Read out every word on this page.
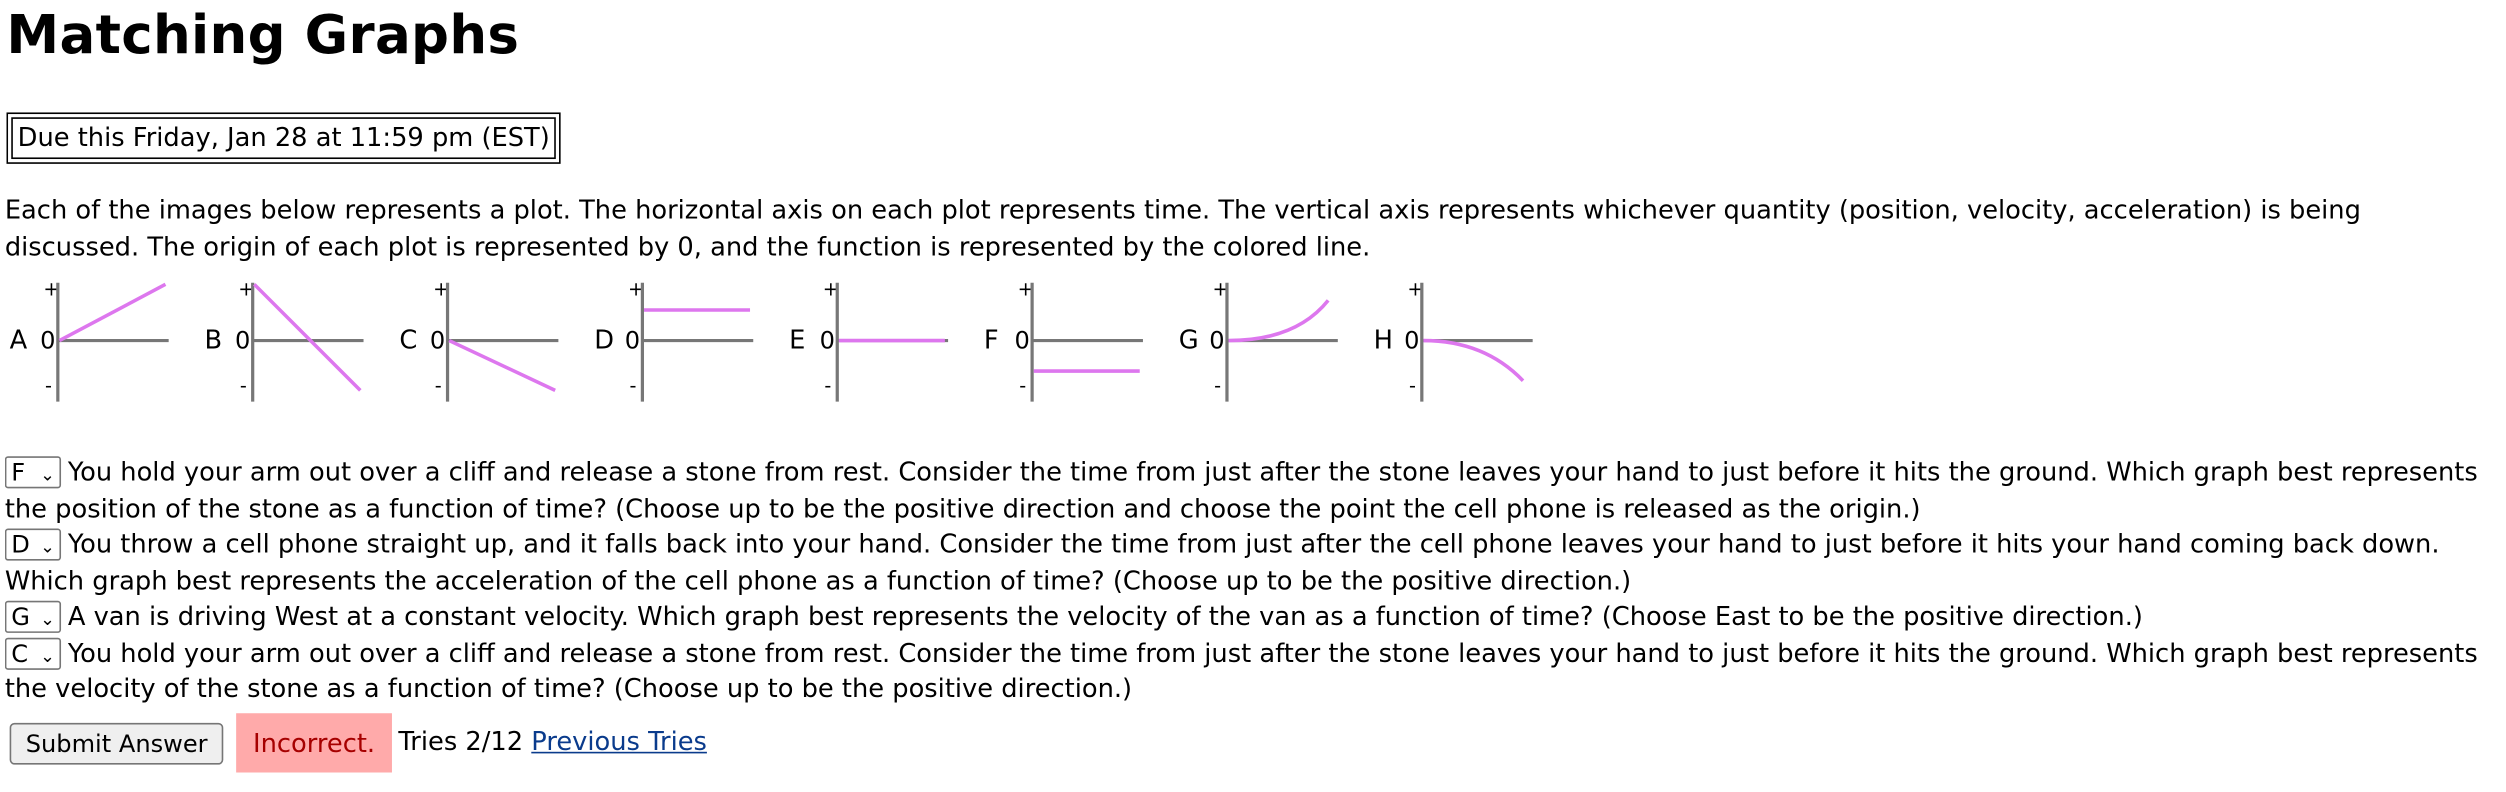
Matching Graphs
Due this Friday, Jan 28 at 11:59 pm (EST)
Each of the images below represents a plot. The horizontal axis on each plot represents time. The vertical axis represents whichever quantity (position, velocity, acceleration) is being discussed. The origin of each plot is represented by 0, and the function is represented by the colored line.
A 0
+
-
B 0
+
-
C 0
+
-
D 0
+
-
E 0
+
-
F 0
+
-
G 0
+
-
H 0
+
-
F ⌄ You hold your arm out over a cliff and release a stone from rest. Consider the time from just after the stone leaves your hand to just before it hits the ground. Which graph best represents the position of the stone as a function of time? (Choose up to be the positive direction and choose the point the cell phone is released as the origin.)
D ⌄ You throw a cell phone straight up, and it falls back into your hand. Consider the time from just after the cell phone leaves your hand to just before it hits your hand coming back down. Which graph best represents the acceleration of the cell phone as a function of time? (Choose up to be the positive direction.)
G ⌄ A van is driving West at a constant velocity. Which graph best represents the velocity of the van as a function of time? (Choose East to be the positive direction.)
C ⌄ You hold your arm out over a cliff and release a stone from rest. Consider the time from just after the stone leaves your hand to just before it hits the ground. Which graph best represents the velocity of the stone as a function of time? (Choose up to be the positive direction.)
Submit Answer	Incorrect.	Tries 2/12 Previous Tries
